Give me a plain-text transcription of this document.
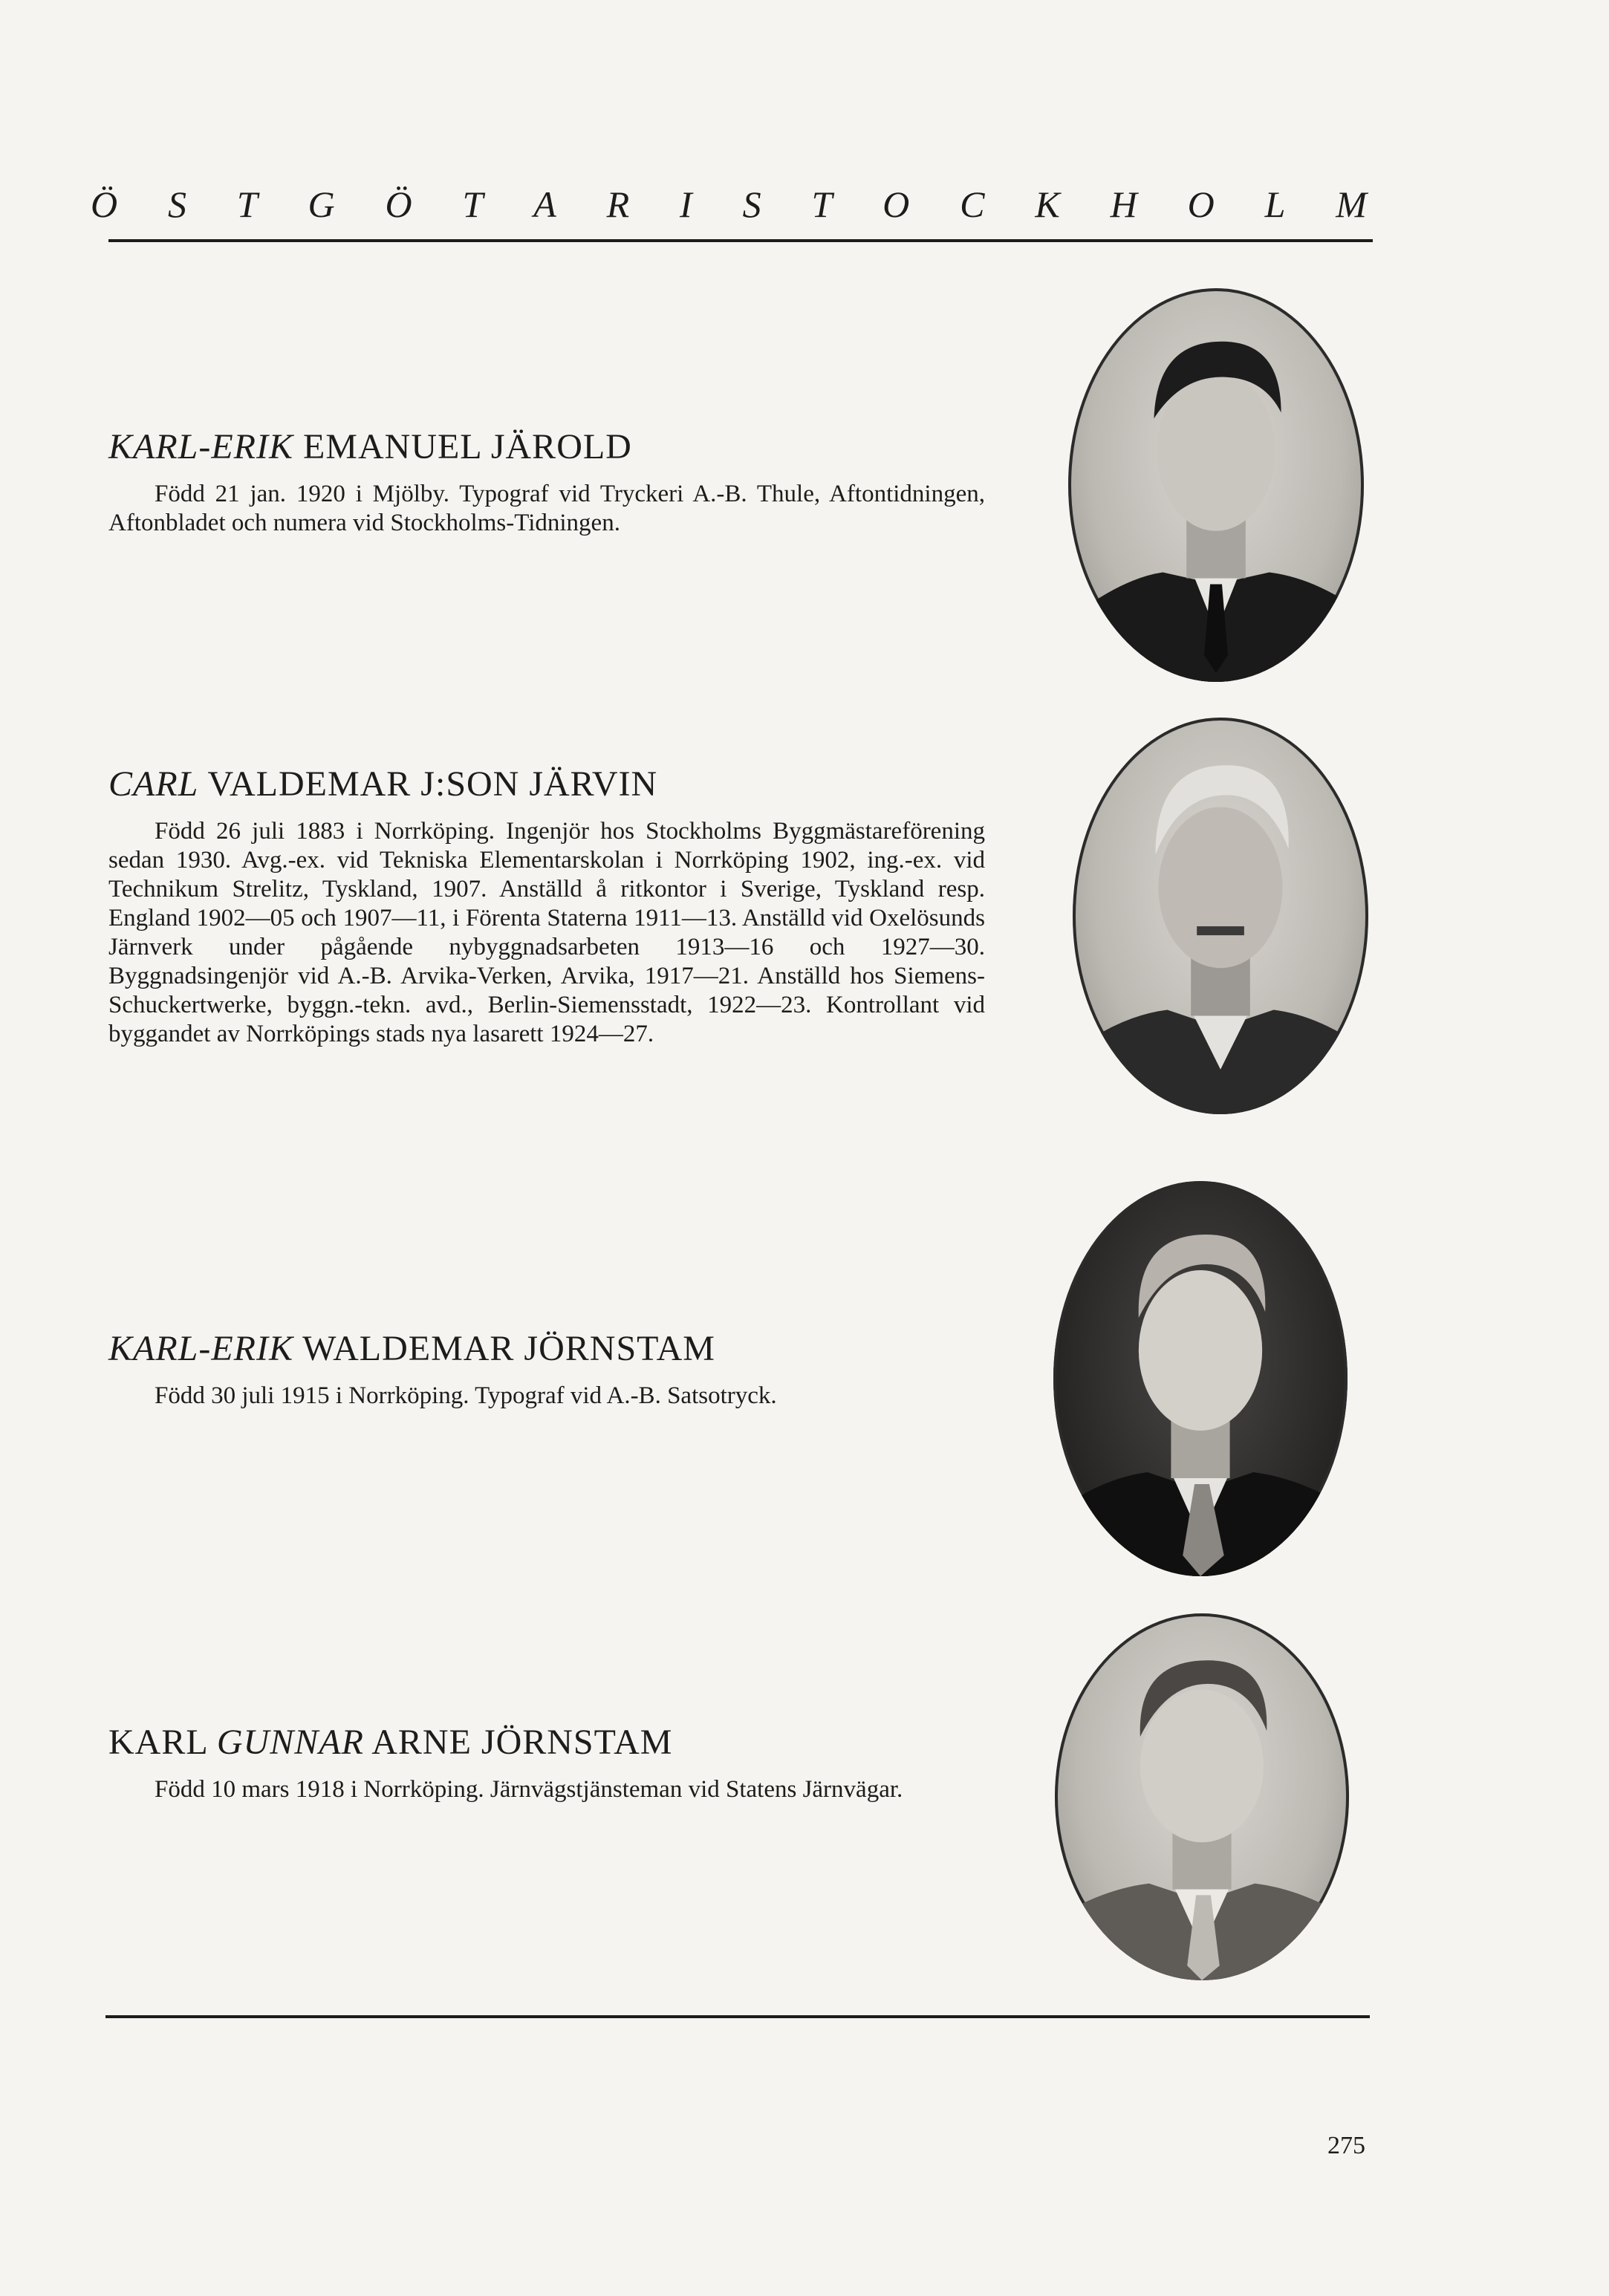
Ö S T G Ö T A R I S T O C K H O L M
KARL-ERIK EMANUEL JÄROLD
Född 21 jan. 1920 i Mjölby. Typograf vid Tryckeri A.-B. Thule, Aftontidningen, Aftonbladet och numera vid Stockholms-Tidningen.
CARL VALDEMAR J:SON JÄRVIN
Född 26 juli 1883 i Norrköping. Ingenjör hos Stockholms Byggmästareförening sedan 1930. Avg.-ex. vid Tekniska Elementarskolan i Norrköping 1902, ing.-ex. vid Technikum Strelitz, Tyskland, 1907. Anställd å ritkontor i Sverige, Tyskland resp. England 1902—05 och 1907—11, i Förenta Staterna 1911—13. Anställd vid Oxelösunds Järnverk under pågående nybyggnadsarbeten 1913—16 och 1927—30. Byggnadsingenjör vid A.-B. Arvika-Verken, Arvika, 1917—21. Anställd hos Siemens-Schuckertwerke, byggn.-tekn. avd., Berlin-Siemensstadt, 1922—23. Kontrollant vid byggandet av Norrköpings stads nya lasarett 1924—27.
KARL-ERIK WALDEMAR JÖRNSTAM
Född 30 juli 1915 i Norrköping. Typograf vid A.-B. Satsotryck.
KARL GUNNAR ARNE JÖRNSTAM
Född 10 mars 1918 i Norrköping. Järnvägstjänsteman vid Statens Järnvägar.
275
